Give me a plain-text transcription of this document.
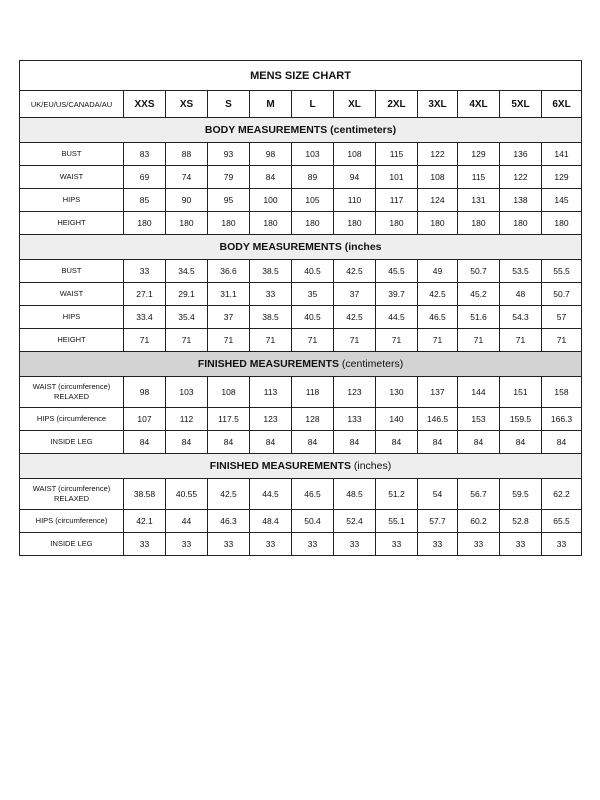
MENS SIZE CHART											
UK/EU/US/CANADA/AU	XXS	XS	S	M	L	XL	2XL	3XL	4XL	5XL	6XL
BODY MEASUREMENTS (centimeters)											

BUST	83	88	93	98	103	108	115	122	129	136	141

WAIST	69	74	79	84	89	94	101	108	115	122	129

HIPS	85	90	95	100	105	110	117	124	131	138	145

HEIGHT	180	180	180	180	180	180	180	180	180	180	180
BODY MEASUREMENTS (inches											

BUST	33	34.5	36.6	38.5	40.5	42.5	45.5	49	50.7	53.5	55.5

WAIST	27.1	29.1	31.1	33	35	37	39.7	42.5	45.2	48	50.7

HIPS	33.4	35.4	37	38.5	40.5	42.5	44.5	46.5	51.6	54.3	57

HEIGHT	71	71	71	71	71	71	71	71	71	71	71
FINISHED MEASUREMENTS (centimeters)											

WAIST (circumference)
RELAXED	98	103	108	113	118	123	130	137	144	151	158

HIPS (circumference	107	112	117.5	123	128	133	140	146.5	153	159.5	166.3

INSIDE LEG	84	84	84	84	84	84	84	84	84	84	84
FINISHED MEASUREMENTS (inches)											

WAIST (circumference)
RELAXED	38.58	40.55	42.5	44.5	46.5	48.5	51.2	54	56.7	59.5	62.2

HIPS (circumference)	42.1	44	46.3	48.4	50.4	52.4	55.1	57.7	60.2	52.8	65.5

INSIDE LEG	33	33	33	33	33	33	33	33	33	33	33
